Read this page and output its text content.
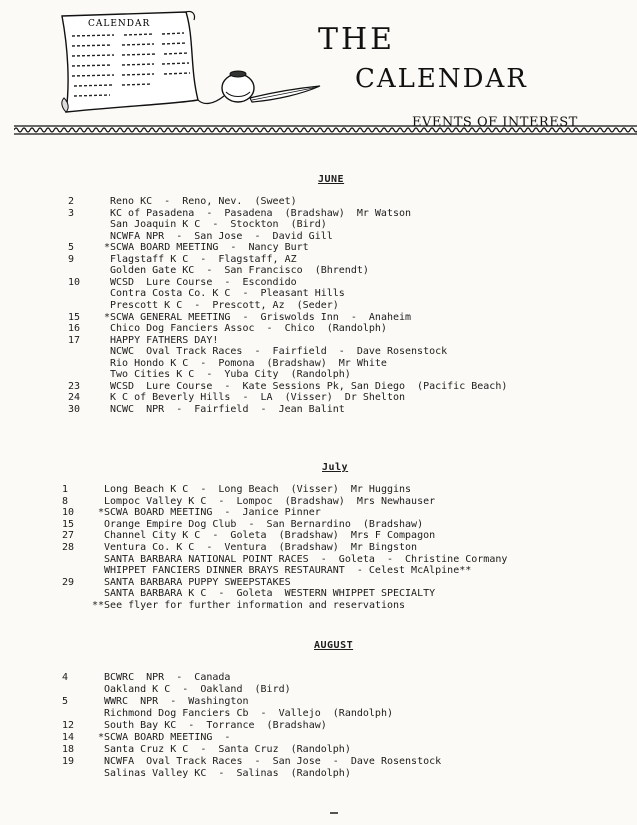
CALENDAR	THE
CALENDAR
EVENTS OF INTEREST
JUNE
2	Reno KC  -  Reno, Nev.  (Sweet)
3	KC of Pasadena  -  Pasadena  (Bradshaw)  Mr Watson
San Joaquin K C  -  Stockton  (Bird)
NCWFA NPR  -  San Jose  -  David Gill
5	*SCWA BOARD MEETING  -  Nancy Burt
9	Flagstaff K C  -  Flagstaff, AZ
Golden Gate KC  -  San Francisco  (Bhrendt)
10	WCSD  Lure Course  -  Escondido
Contra Costa Co. K C  -  Pleasant Hills
Prescott K C  -  Prescott, Az  (Seder)
15	*SCWA GENERAL MEETING  -  Griswolds Inn  -  Anaheim
16	Chico Dog Fanciers Assoc  -  Chico  (Randolph)
17	HAPPY FATHERS DAY!
NCWC  Oval Track Races  -  Fairfield  -  Dave Rosenstock
Rio Hondo K C  -  Pomona  (Bradshaw)  Mr White
Two Cities K C  -  Yuba City  (Randolph)
23	WCSD  Lure Course  -  Kate Sessions Pk, San Diego  (Pacific Beach)
24	K C of Beverly Hills  -  LA  (Visser)  Dr Shelton
30	NCWC  NPR  -  Fairfield  -  Jean Balint
July
1	Long Beach K C  -  Long Beach  (Visser)  Mr Huggins
8	Lompoc Valley K C  -  Lompoc  (Bradshaw)  Mrs Newhauser
10	*SCWA BOARD MEETING  -  Janice Pinner
15	Orange Empire Dog Club  -  San Bernardino  (Bradshaw)
27	Channel City K C  -  Goleta  (Bradshaw)  Mrs F Compagon
28	Ventura Co. K C  -  Ventura  (Bradshaw)  Mr Bingston
SANTA BARBARA NATIONAL POINT RACES  -  Goleta  -  Christine Cormany
WHIPPET FANCIERS DINNER BRAYS RESTAURANT  - Celest McAlpine**
29	SANTA BARBARA PUPPY SWEEPSTAKES
SANTA BARBARA K C  -  Goleta  WESTERN WHIPPET SPECIALTY
**See flyer for further information and reservations
AUGUST
4	BCWRC  NPR  -  Canada
Oakland K C  -  Oakland  (Bird)
5	WWRC  NPR  -  Washington
Richmond Dog Fanciers Cb  -  Vallejo  (Randolph)
12	South Bay KC  -  Torrance  (Bradshaw)
14	*SCWA BOARD MEETING  -
18	Santa Cruz K C  -  Santa Cruz  (Randolph)
19	NCWFA  Oval Track Races  -  San Jose  -  Dave Rosenstock
Salinas Valley KC  -  Salinas  (Randolph)
